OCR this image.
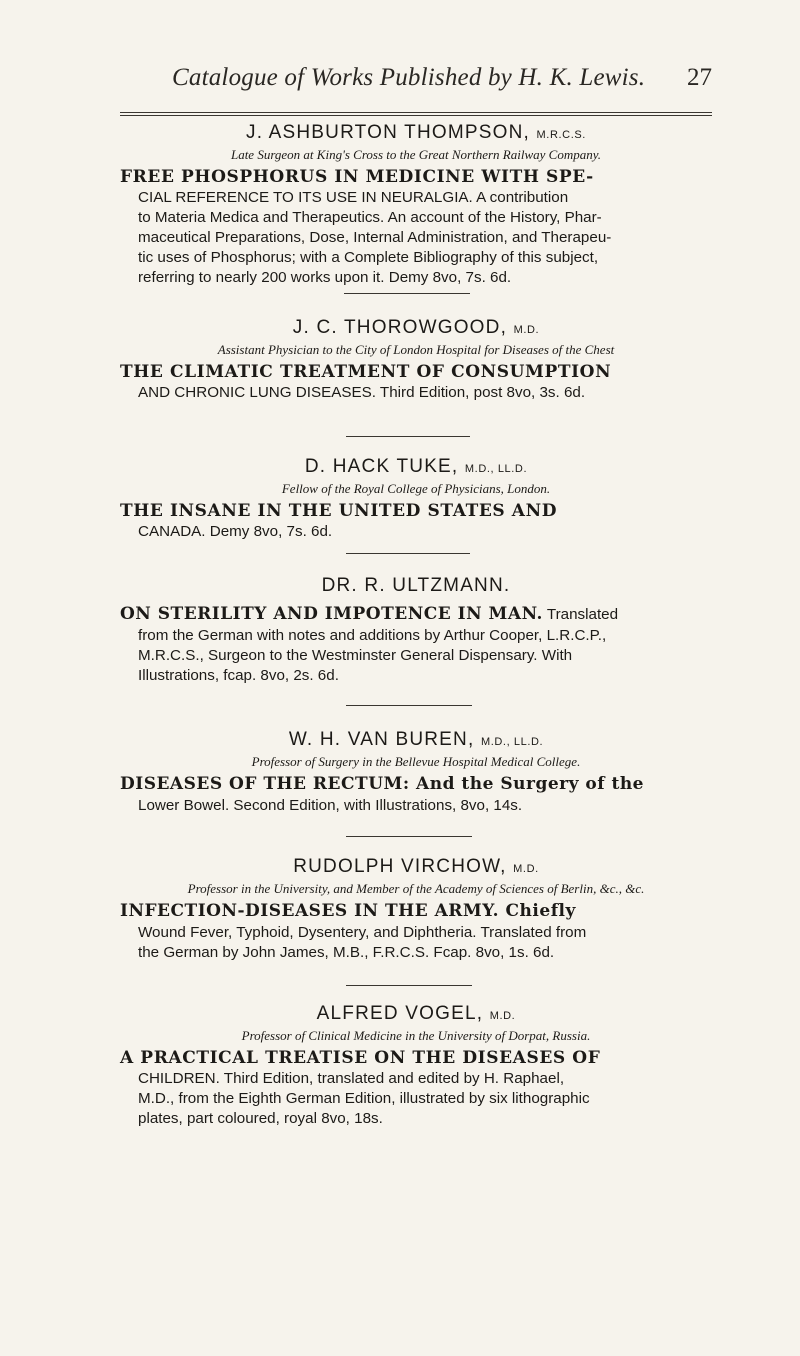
Catalogue of Works Published by H. K. Lewis. 27

J. ASHBURTON THOMPSON, M.R.C.S.

Late Surgeon at King's Cross to the Great Northern Railway Company.

FREE PHOSPHORUS IN MEDICINE WITH SPE-

CIAL REFERENCE TO ITS USE IN NEURALGIA. A contribution

to Materia Medica and Therapeutics. An account of the History, Phar-

maceutical Preparations, Dose, Internal Administration, and Therapeu-

tic uses of Phosphorus; with a Complete Bibliography of this subject,

referring to nearly 200 works upon it. Demy 8vo, 7s. 6d.

J. C. THOROWGOOD, M.D.

Assistant Physician to the City of London Hospital for Diseases of the Chest

THE CLIMATIC TREATMENT OF CONSUMPTION

AND CHRONIC LUNG DISEASES. Third Edition, post 8vo, 3s. 6d.

D. HACK TUKE, M.D., LL.D.

Fellow of the Royal College of Physicians, London.

THE INSANE IN THE UNITED STATES AND

CANADA. Demy 8vo, 7s. 6d.

DR. R. ULTZMANN.

ON STERILITY AND IMPOTENCE IN MAN. Translated

from the German with notes and additions by Arthur Cooper, L.R.C.P.,

M.R.C.S., Surgeon to the Westminster General Dispensary. With

Illustrations, fcap. 8vo, 2s. 6d.

W. H. VAN BUREN, M.D., LL.D.

Professor of Surgery in the Bellevue Hospital Medical College.

DISEASES OF THE RECTUM: And the Surgery of the

Lower Bowel. Second Edition, with Illustrations, 8vo, 14s.

RUDOLPH VIRCHOW, M.D.

Professor in the University, and Member of the Academy of Sciences of Berlin, &c., &c.

INFECTION-DISEASES IN THE ARMY. Chiefly

Wound Fever, Typhoid, Dysentery, and Diphtheria. Translated from

the German by John James, M.B., F.R.C.S. Fcap. 8vo, 1s. 6d.

ALFRED VOGEL, M.D.

Professor of Clinical Medicine in the University of Dorpat, Russia.

A PRACTICAL TREATISE ON THE DISEASES OF

CHILDREN. Third Edition, translated and edited by H. Raphael,

M.D., from the Eighth German Edition, illustrated by six lithographic

plates, part coloured, royal 8vo, 18s.
